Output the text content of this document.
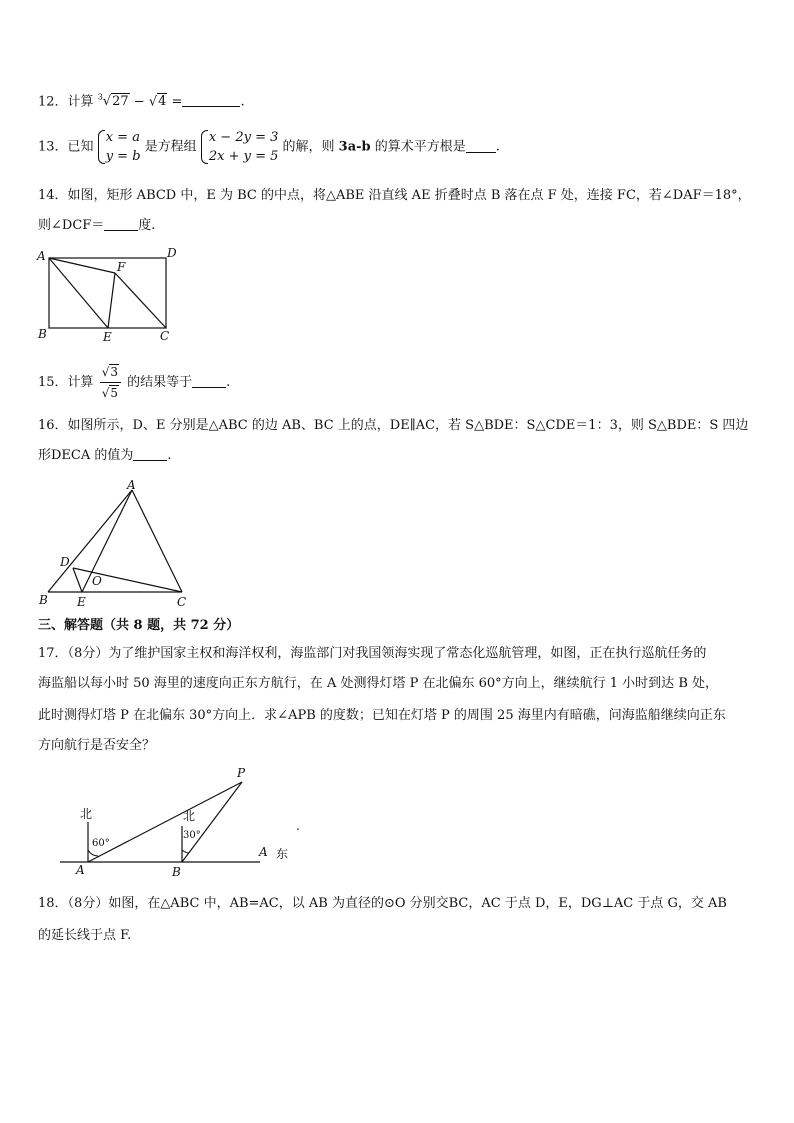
12．计算 $^3$√27 − √4 =	.
13．已知
x = a
y = b
是方程组
x − 2y = 3
2x + y = 5
的解，则 3a-b 的算术平方根是 .
14．如图，矩形 ABCD 中，E 为 BC 的中点，将△ABE 沿直线 AE 折叠时点 B 落在点 F 处，连接 FC，若∠DAF＝18°，
则∠DCF＝	度.
A	D
F
B	E	C
15．计算 $\frac{√3}{√5}$ 的结果等于	.
16．如图所示，D、E 分别是△ABC 的边 AB、BC 上的点，DE∥AC，若 S△BDE：S△CDE＝1：3，则 S△BDE：S 四边
形DECA 的值为	.
A
D
O
B E	C
三、解答题（共 8 题，共 72 分）
17．（8分）为了维护国家主权和海洋权利，海监部门对我国领海实现了常态化巡航管理，如图，正在执行巡航任务的
海监船以每小时 50 海里的速度向正东方航行，在 A 处测得灯塔 P 在北偏东 60°方向上，继续航行 1 小时到达 B 处，
此时测得灯塔 P 在北偏东 30°方向上．求∠APB 的度数；已知在灯塔 P 的周围 25 海里内有暗礁，问海监船继续向正东
方向航行是否安全？
北	北
60°
30°
P
A	B
A 东
.
18．（8分）如图，在△ABC 中，AB=AC，以 AB 为直径的⊙O 分别交BC，AC 于点 D，E，DG⊥AC 于点 G，交 AB
的延长线于点 F.
